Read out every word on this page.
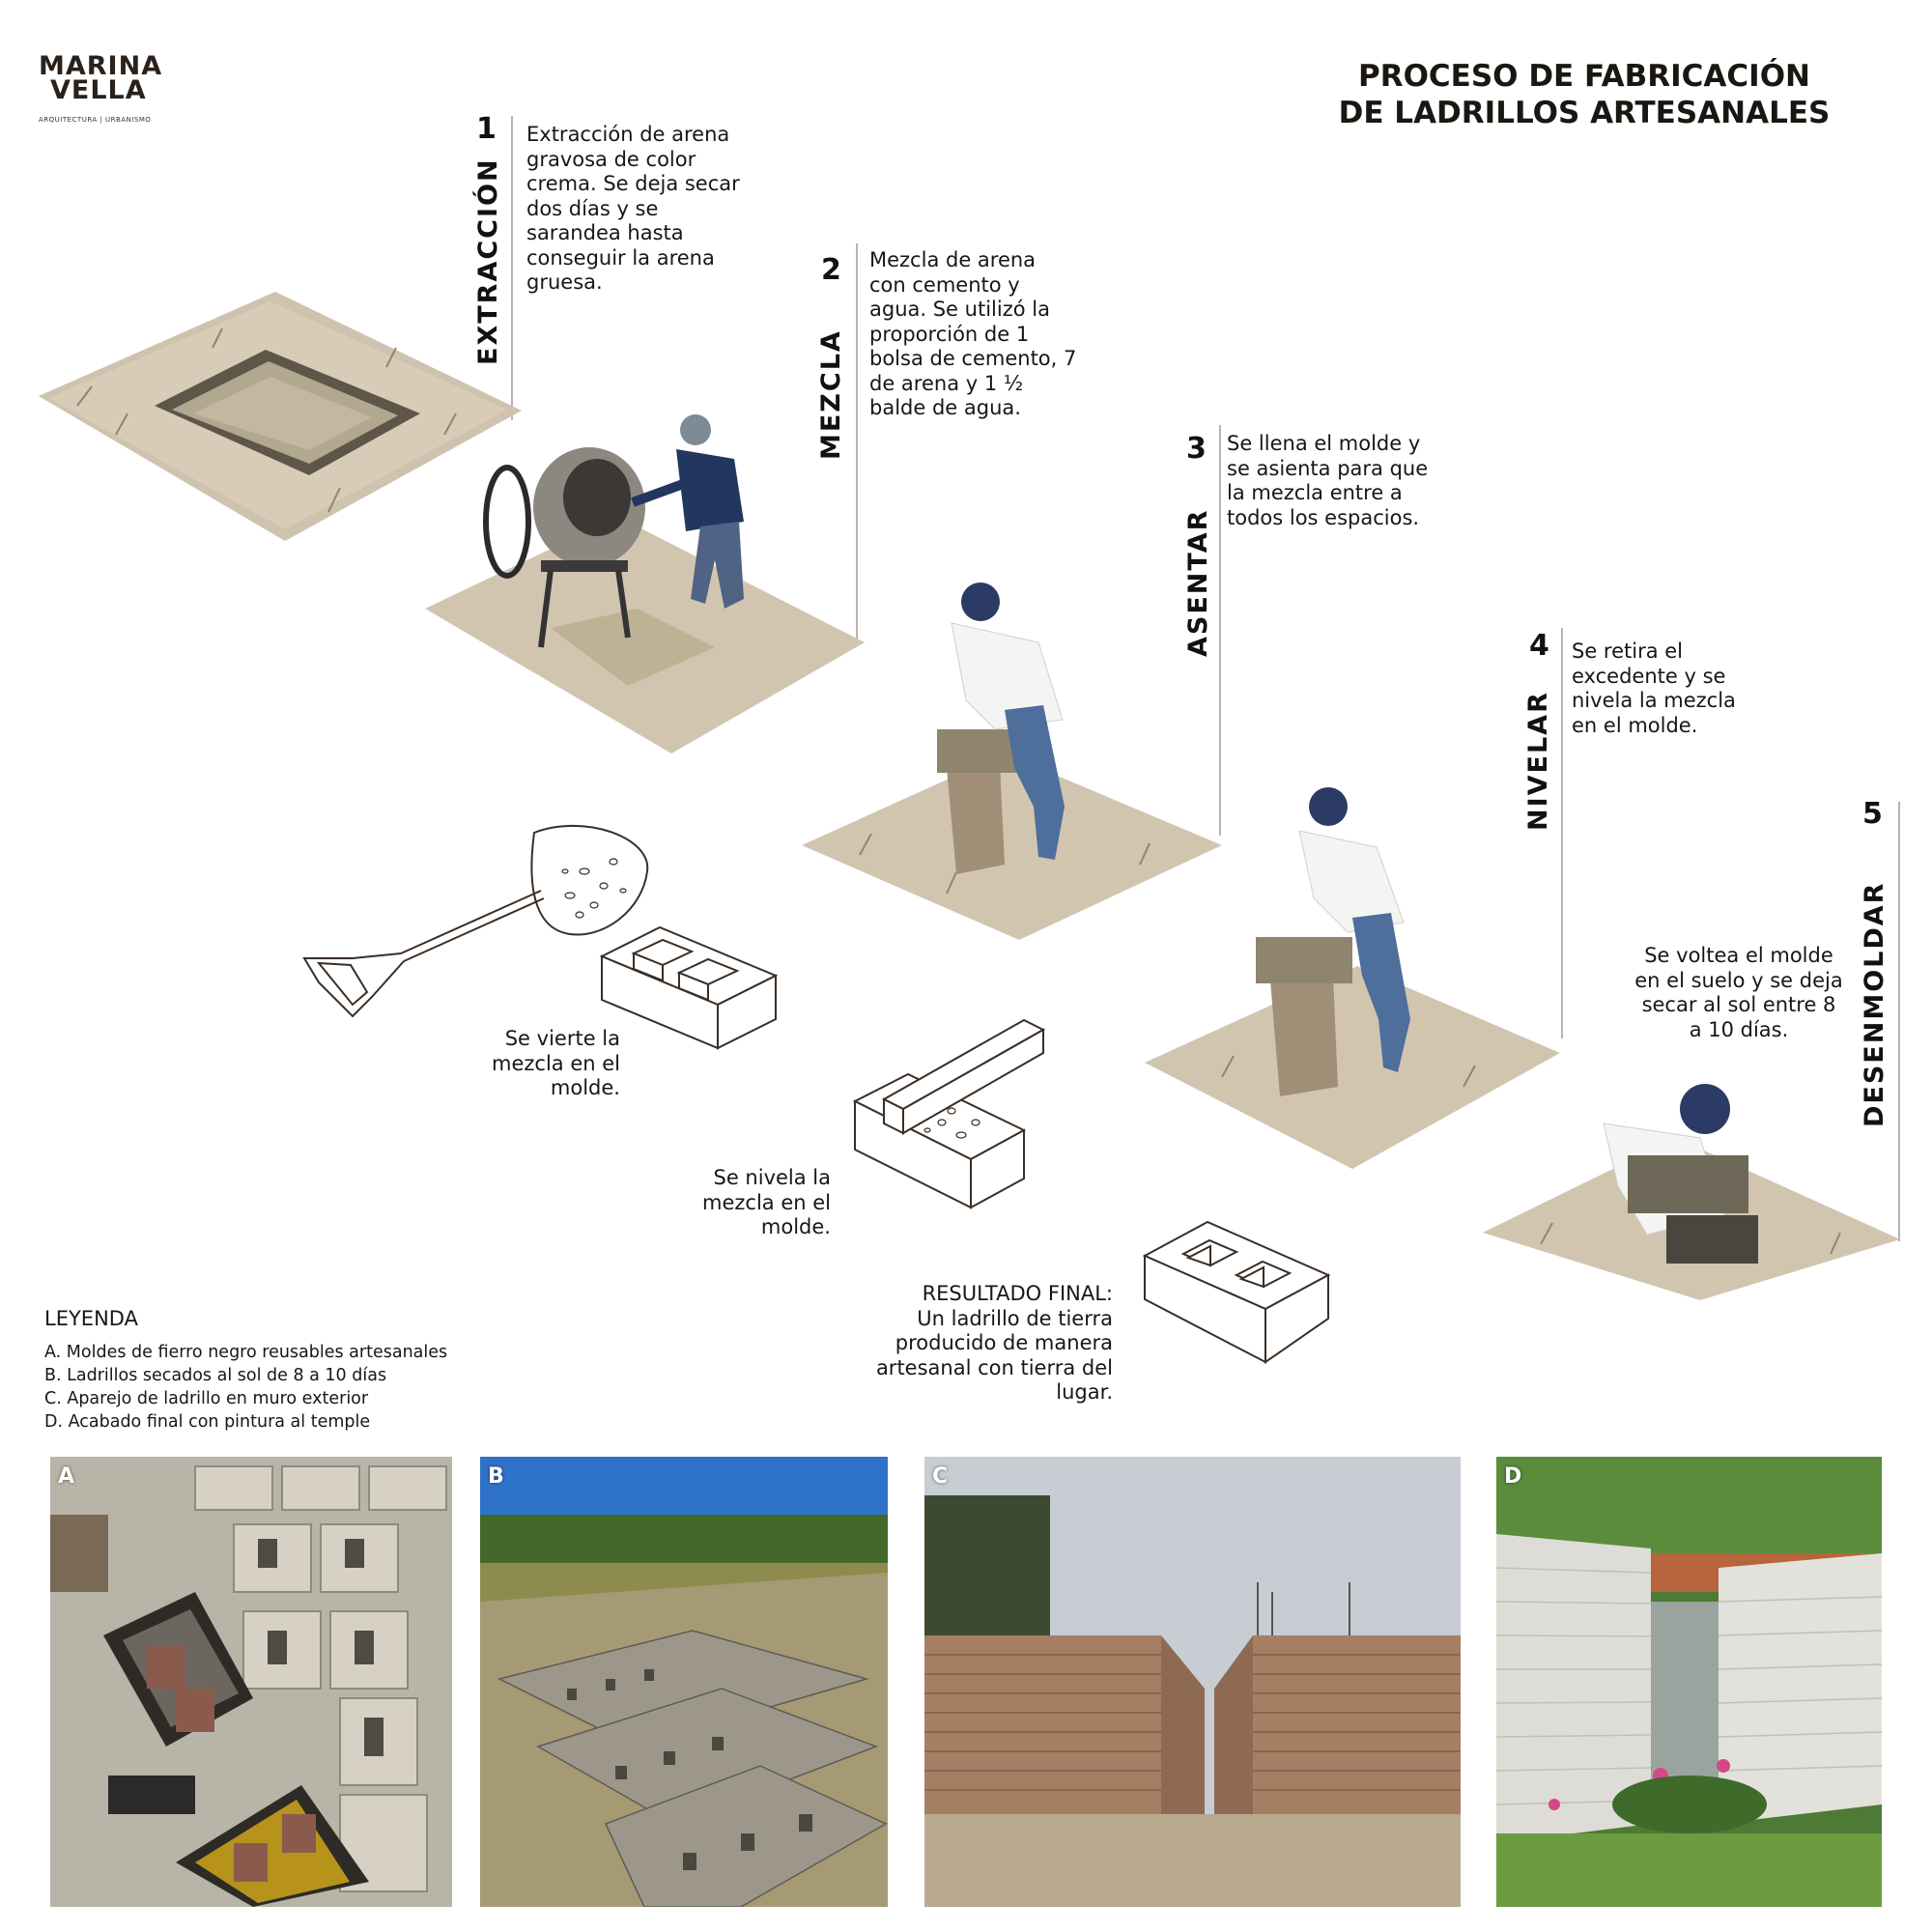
MARINA
VELLA
ARQUITECTURA | URBANISMO
PROCESO DE FABRICACIÓN
DE LADRILLOS ARTESANALES
1
EXTRACCIÓN
Extracción de arena gravosa de color crema. Se deja secar dos días y se sarandea hasta conseguir la arena gruesa.	2
MEZCLA
Mezcla de arena con cemento y agua. Se utilizó la proporción de 1 bolsa de cemento, 7 de arena y 1 ½ balde de agua.
3
ASENTAR
Se llena el molde y se asienta para que la mezcla entre a todos los espacios.
4
NIVELAR
Se retira el excedente y se nivela la mezcla en el molde.
5
DESENMOLDAR
Se voltea el molde en el suelo y se deja secar al sol entre 8 a 10 días.
Se vierte la mezcla en el molde.
Se nivela la mezcla en el molde.
RESULTADO FINAL:
Un ladrillo de tierra producido de manera artesanal con tierra del lugar.
LEYENDA
A. Moldes de fierro negro reusables artesanales
B. Ladrillos secados al sol de 8 a 10 días
C. Aparejo de ladrillo en muro exterior
D. Acabado final con pintura al temple
A	B	C	D
